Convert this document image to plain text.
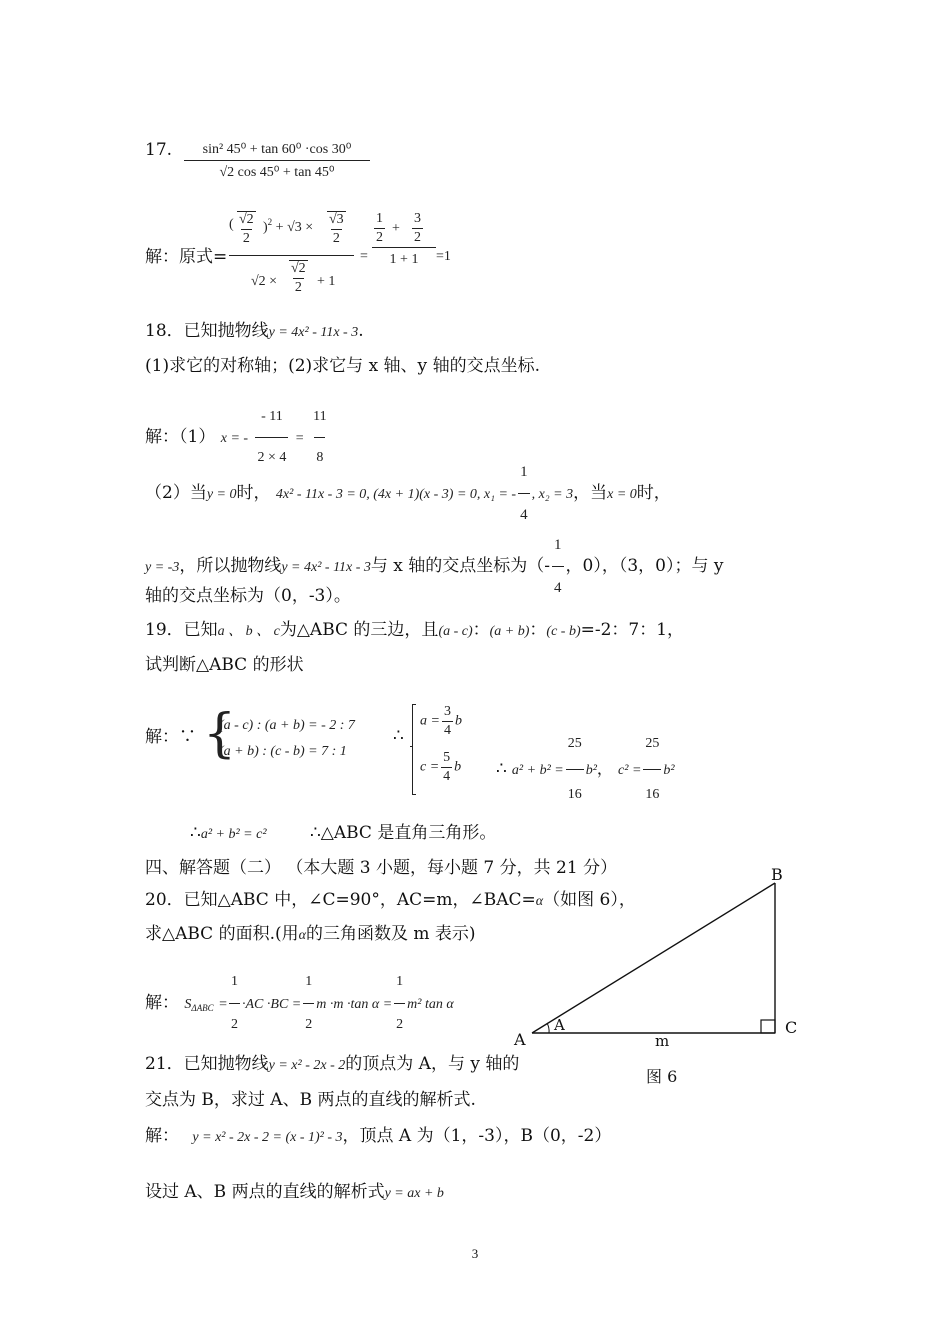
17. $\frac{\text{sin² 45⁰ + tan 60⁰ ·cos 30⁰}}{\text{√2 cos 45⁰ + tan 45⁰}}$
解：原式= $\frac{( \frac{√2}{2} )^2 + √3 \times \frac{√3}{2}}{√2 \times \frac{√2}{2} + 1}$ =
$\frac{1}{2} + \frac{3}{2}$
1 + 1	=1
18．已知抛物线y = 4x² - 11x - 3.
(1)求它的对称轴；(2)求它与 x 轴、y 轴的交点坐标.
解：（1） x = - $\frac{- 11}{2 \times 4} = \frac{11}{8}$
（2）当y = 0时， 4x² - 11x - 3 = 0, (4x + 1)(x - 3) = 0, x₁ = - $\frac{1}{4}$ , x₂ = 3，当x = 0时，
y = -3，所以抛物线y = 4x² - 11x - 3与 x 轴的交点坐标为（- $\frac{1}{4}$ ，0），（3，0）；与 y
轴的交点坐标为（0，-3）。
19．已知a 、 b 、 c为△ABC 的三边，且(a - c)：(a + b)：(c - b)=-2：7：1，
试判断△ABC 的形状
解：∵ {
(a - c) : (a + b) = - 2 : 7
(a + b) : (c - b) = 7 : 1
∴
$a = \frac{3}{4}$ b
$c = \frac{5}{4}$ b ∴ $a^2 + b^2 = \frac{25}{16} b^2$， $c^2 = \frac{25}{16} b^2$
∴a² + b² = c²	∴△ABC 是直角三角形。
四、解答题（二） （本大题 3 小题，每小题 7 分，共 21 分）
20．已知△ABC 中，∠C=90°，AC=m，∠BAC=α（如图 6），
求△ABC 的面积.(用α的三角函数及 m 表示)
解： $S_{\Delta ABC} = \frac{1}{2} \cdot AC \cdot BC = \frac{1}{2}$ m ·m ·tan $\alpha = \frac{1}{2} m^2$ tan α
A
B
C
A
m
图 6
21．已知抛物线y = x² - 2x - 2的顶点为 A，与 y 轴的
交点为 B，求过 A、B 两点的直线的解析式.
解： y = x² - 2x - 2 = (x - 1)² - 3，顶点 A 为（1，-3），B（0，-2）
设过 A、B 两点的直线的解析式y = ax + b
3
